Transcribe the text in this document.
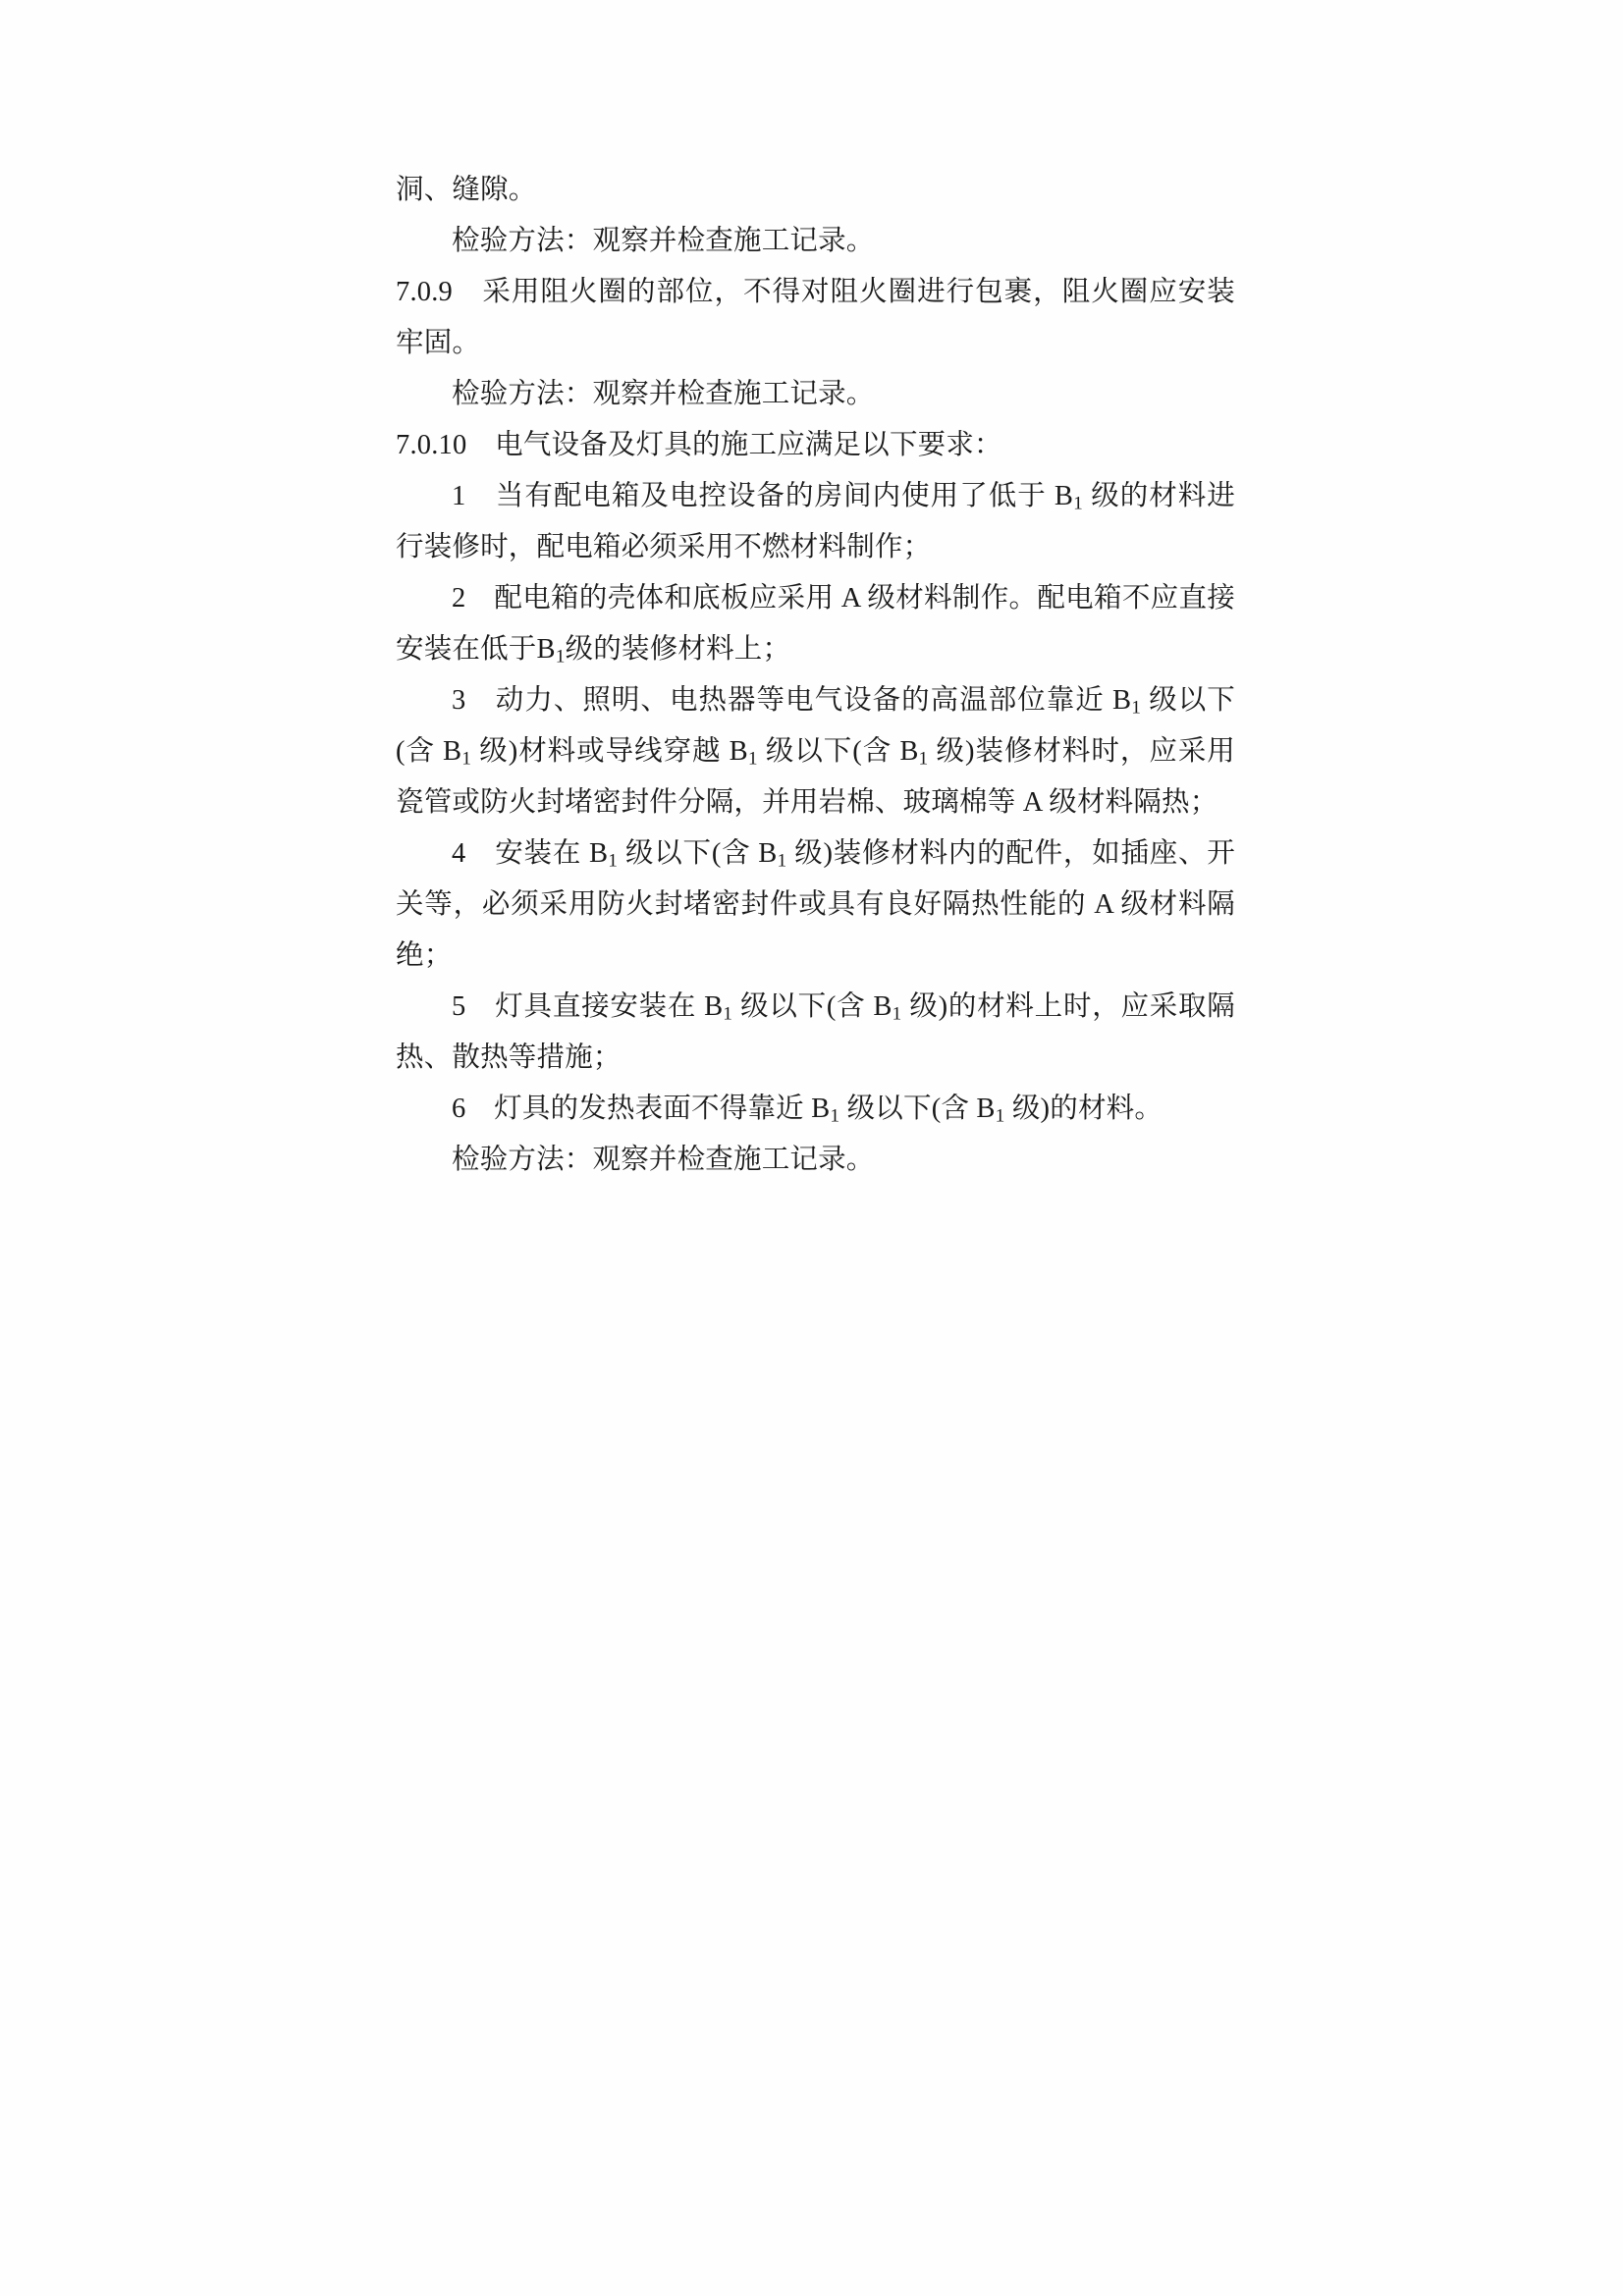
洞、缝隙。

检验方法：观察并检查施工记录。

7.0.9　采用阻火圈的部位，不得对阻火圈进行包裹，阻火圈应安装牢固。

检验方法：观察并检查施工记录。

7.0.10　电气设备及灯具的施工应满足以下要求：

1　当有配电箱及电控设备的房间内使用了低于 $B_1$ 级的材料进行装修时，配电箱必须采用不燃材料制作；

2　配电箱的壳体和底板应采用 A 级材料制作。配电箱不应直接安装在低于$B_1$级的装修材料上；

3　动力、照明、电热器等电气设备的高温部位靠近 $B_1$ 级以下(含 $B_1$ 级)材料或导线穿越 $B_1$ 级以下(含 $B_1$ 级)装修材料时，应采用瓷管或防火封堵密封件分隔，并用岩棉、玻璃棉等 A 级材料隔热；

4　安装在 $B_1$ 级以下(含 $B_1$ 级)装修材料内的配件，如插座、开关等，必须采用防火封堵密封件或具有良好隔热性能的 A 级材料隔绝；

5　灯具直接安装在 $B_1$ 级以下(含 $B_1$ 级)的材料上时，应采取隔热、散热等措施；

6　灯具的发热表面不得靠近 $B_1$ 级以下(含 $B_1$ 级)的材料。

检验方法：观察并检查施工记录。
